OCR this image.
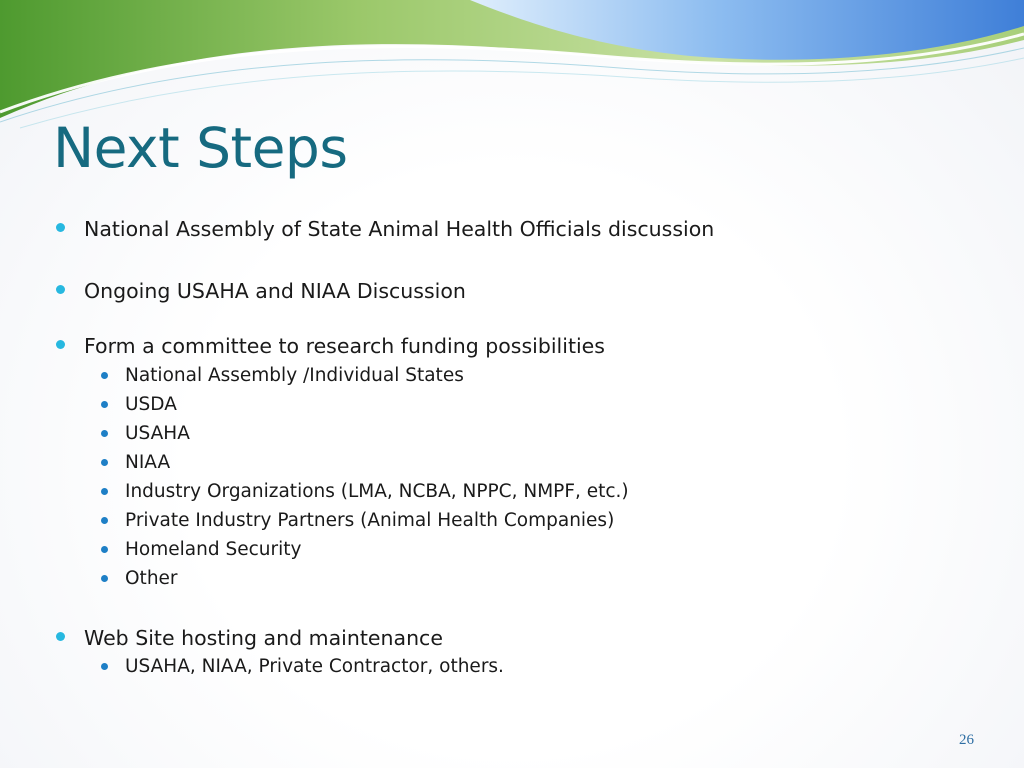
Next Steps
National Assembly of State Animal Health Officials discussion
Ongoing USAHA and NIAA Discussion
Form a committee to research funding possibilities
National Assembly /Individual States
USDA
USAHA
NIAA
Industry Organizations (LMA, NCBA, NPPC, NMPF, etc.)
Private Industry Partners (Animal Health Companies)
Homeland Security
Other
Web Site hosting and maintenance
USAHA, NIAA, Private Contractor, others.
26
